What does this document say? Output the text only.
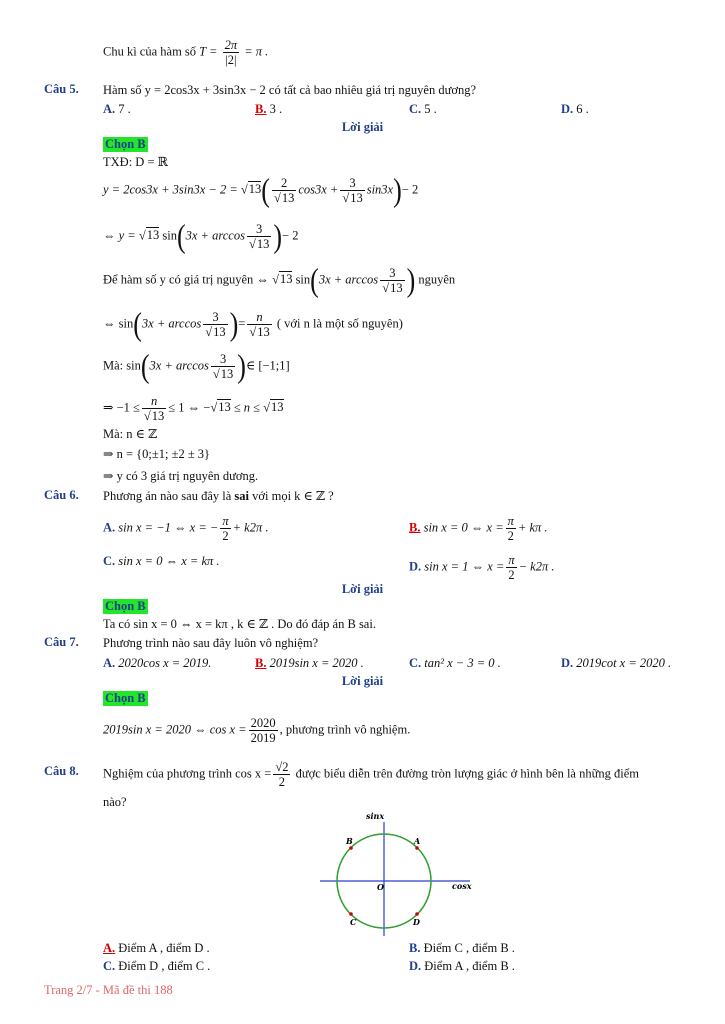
Chu kì của hàm số $T = \frac{2\pi}{|2|} = \pi$ .
Câu 5. Hàm số y = 2cos3x + 3sin3x − 2 có tất cả bao nhiêu giá trị nguyên dương?
A. 7 .	B. 3 .	C. 5 .	D. 6 .
Lời giải
Chọn B
TXĐ: D = ℝ
$y = 2\cos 3x + 3\sin 3x - 2 = √13( \frac{2}{√13} \cos 3x + \frac{3}{√13} \sin 3x)- 2$
⇔ y = √13 $\sin(3x + \arccos \frac{3}{√13}$ )− 2
Để hàm số y có giá trị nguyên ⇔ √13 $\sin(3x + \arccos \frac{3}{√13}$ ) nguyên
⇔ $\sin(3x + \arccos \frac{3}{√13}$ )= $\frac{n}{√13}$ ( với n là một số nguyên)
Mà: $\sin(3x + \arccos \frac{3}{√13}$ )∈ [−1;1]
⇒ $-1 \le \frac{n}{√13} \le 1$ ⇔ −√13 ≤ n ≤ √13
Mà: n ∈ ℤ
⇒ n = {0;±1; ±2 ± 3}
⇒ y có 3 giá trị nguyên dương.
Câu 6. Phương án nào sau đây là sai với mọi k ∈ ℤ ?
A. sin x = −1 ⇔ x = − $\frac{\pi}{2} + k2\pi$ .	B. sin x = 0 ⇔ $x = \frac{\pi}{2} + k\pi$ .
C. sin x = 0 ⇔ x = kπ .	D. sin x = 1 ⇔ $x = \frac{\pi}{2} - k2\pi$ .
Lời giải
Chọn B
Ta có sin x = 0 ⇔ x = kπ , k ∈ ℤ . Do đó đáp án B sai.
Câu 7. Phương trình nào sau đây luôn vô nghiệm?
A. 2020cos x = 2019.	B. 2019sin x = 2020 .	C. tan² x − 3 = 0 .	D. 2019cot x = 2020 .
Lời giải
Chọn B
2019sin x = 2020 ⇔ $\cos x = \frac{2020}{2019}$ , phương trình vô nghiệm.
Câu 8. Nghiệm của phương trình $\cos x = \frac{√2}{2}$ được biểu diễn trên đường tròn lượng giác ở hình bên là những điểm
nào?
sinx
cosx
O
A
B
C	D
A. Điểm A , điểm D .	B. Điểm C , điểm B .
C. Điểm D , điểm C .	D. Điểm A , điểm B .
Trang 2/7 - Mã đề thi 188
